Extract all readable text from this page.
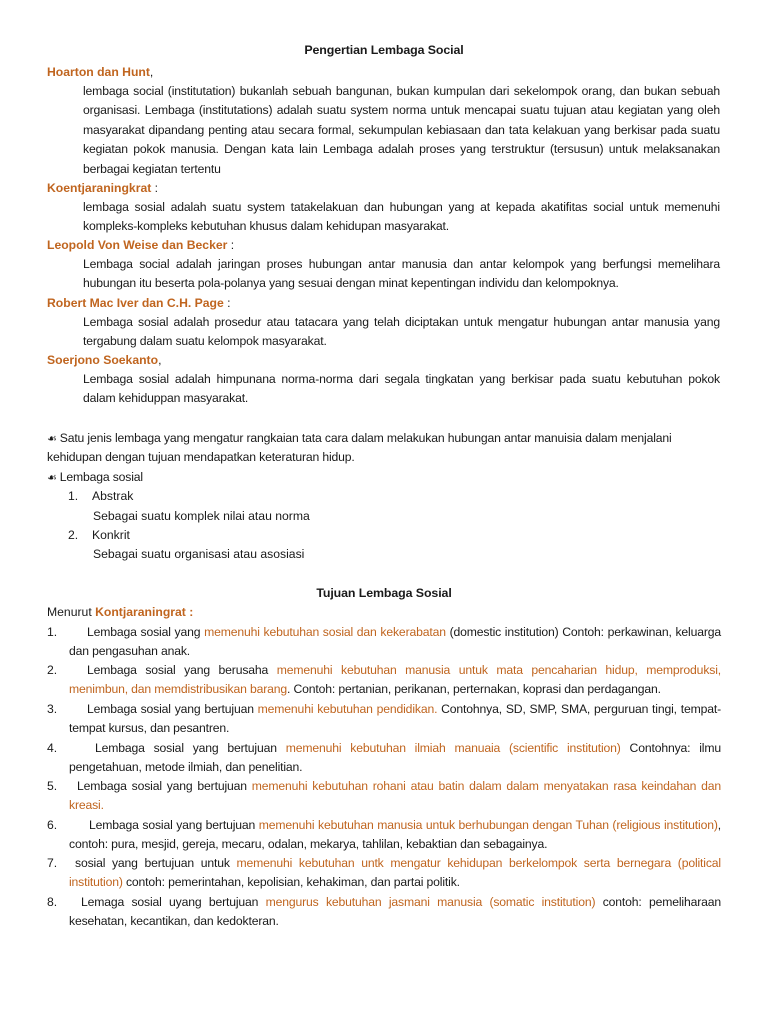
Pengertian Lembaga Social
Hoarton dan Hunt,
lembaga social (institutation) bukanlah sebuah bangunan, bukan kumpulan dari sekelompok orang, dan bukan sebuah organisasi. Lembaga (institutations) adalah suatu system norma untuk mencapai suatu tujuan atau kegiatan yang oleh masyarakat dipandang penting atau secara formal, sekumpulan kebiasaan dan tata kelakuan yang berkisar pada suatu kegiatan pokok manusia. Dengan kata lain Lembaga adalah proses yang terstruktur (tersusun) untuk melaksanakan berbagai kegiatan tertentu
Koentjaraningkrat :
lembaga sosial adalah suatu system tatakelakuan dan hubungan yang at kepada akatifitas social untuk memenuhi kompleks-kompleks kebutuhan khusus dalam kehidupan masyarakat.
Leopold Von Weise dan Becker :
Lembaga social adalah jaringan proses hubungan antar manusia dan antar kelompok yang berfungsi memelihara hubungan itu beserta pola-polanya yang sesuai dengan minat kepentingan individu dan kelompoknya.
Robert Mac Iver dan C.H. Page :
Lembaga sosial adalah prosedur atau tatacara yang telah diciptakan untuk mengatur hubungan antar manusia yang tergabung dalam suatu kelompok masyarakat.
Soerjono Soekanto,
Lembaga sosial adalah himpunana norma-norma dari segala tingkatan yang berkisar pada suatu kebutuhan pokok dalam kehiduppan masyarakat.
☙ Satu jenis lembaga yang mengatur rangkaian tata cara dalam melakukan hubungan antar manuisia dalam menjalani kehidupan dengan tujuan mendapatkan keteraturan hidup.
☙ Lembaga sosial
1. Abstrak
Sebagai suatu komplek nilai atau norma
2. Konkrit
Sebagai suatu organisasi atau asosiasi
Tujuan Lembaga Sosial
Menurut Kontjaraningrat :
1.	Lembaga sosial yang memenuhi kebutuhan sosial dan kekerabatan (domestic institution) Contoh: perkawinan, keluarga dan pengasuhan anak.
2.	Lembaga sosial yang berusaha memenuhi kebutuhan manusia untuk mata pencaharian hidup, memproduksi, menimbun, dan memdistribusikan barang. Contoh: pertanian, perikanan, perternakan, koprasi dan perdagangan.
3.	Lembaga sosial yang bertujuan memenuhi kebutuhan pendidikan. Contohnya, SD, SMP, SMA, perguruan tingi, tempat-tempat kursus, dan pesantren.
4.	Lembaga sosial yang bertujuan memenuhi kebutuhan ilmiah manuaia (scientific institution) Contohnya: ilmu pengetahuan, metode ilmiah, dan penelitian.
5.	Lembaga sosial yang bertujuan memenuhi kebutuhan rohani atau batin dalam dalam menyatakan rasa keindahan dan kreasi.
6.	Lembaga sosial yang bertujuan memenuhi kebutuhan manusia untuk berhubungan dengan Tuhan (religious institution), contoh: pura, mesjid, gereja, mecaru, odalan, mekarya, tahlilan, kebaktian dan sebagainya.
7.	sosial yang bertujuan untuk memenuhi kebutuhan untk mengatur kehidupan berkelompok serta bernegara (political institution) contoh: pemerintahan, kepolisian, kehakiman, dan partai politik.
8.	Lemaga sosial uyang bertujuan mengurus kebutuhan jasmani manusia (somatic institution) contoh: pemeliharaan kesehatan, kecantikan, dan kedokteran.
